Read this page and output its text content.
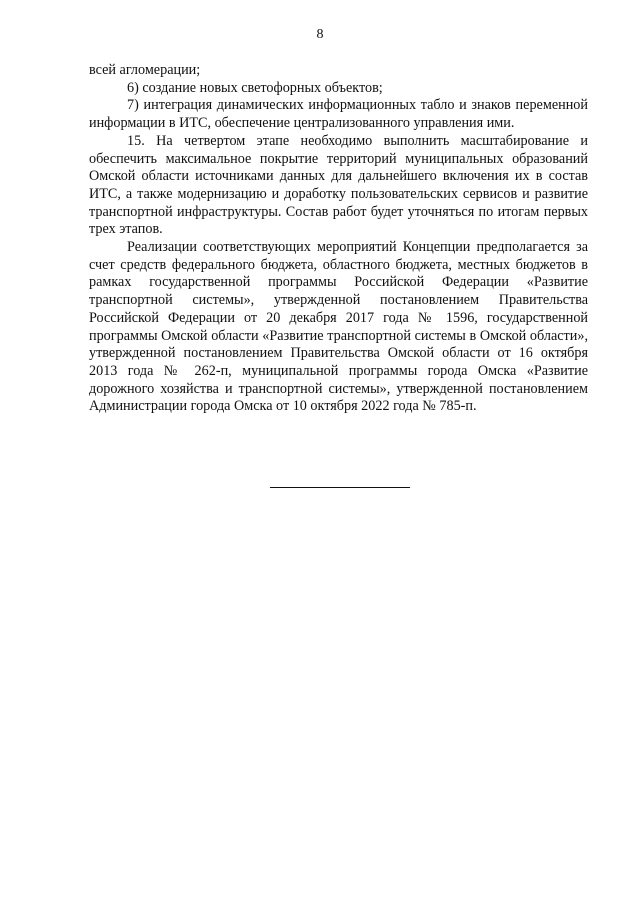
8

всей агломерации;

6) создание новых светофорных объектов;

7) интеграция динамических информационных табло и знаков переменной информации в ИТС, обеспечение централизованного управления ими.

15. На четвертом этапе необходимо выполнить масштабирование и обеспечить максимальное покрытие территорий муниципальных образований Омской области источниками данных для дальнейшего включения их в состав ИТС, а также модернизацию и доработку пользовательских сервисов и развитие транспортной инфраструктуры. Состав работ будет уточняться по итогам первых трех этапов.

Реализации соответствующих мероприятий Концепции предполагается за счет средств федерального бюджета, областного бюджета, местных бюджетов в рамках государственной программы Российской Федерации «Развитие транспортной системы», утвержденной постановлением Правительства Российской Федерации от 20 декабря 2017 года № 1596, государственной программы Омской области «Развитие транспортной системы в Омской области», утвержденной постановлением Правительства Омской области от 16 октября 2013 года № 262-п, муниципальной программы города Омска «Развитие дорожного хозяйства и транспортной системы», утвержденной постановлением Администрации города Омска от 10 октября 2022 года № 785-п.
